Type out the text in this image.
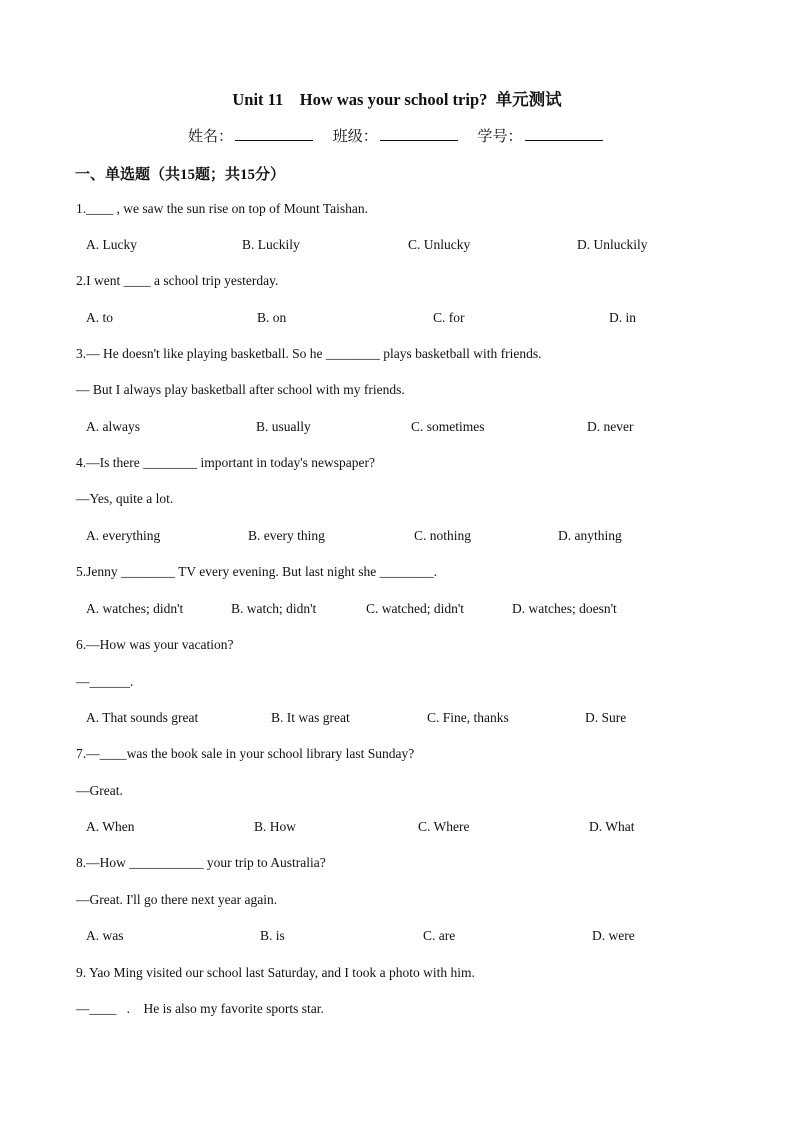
Unit 11    How was your school trip?  单元测试
姓名：	班级：	学号：
一、单选题（共15题；共15分）
1.____ , we saw the sun rise on top of Mount Taishan.
A. Lucky	B. Luckily	C. Unlucky	D. Unluckily
2.I went ____ a school trip yesterday.
A. to	B. on	C. for	D. in
3.— He doesn't like playing basketball. So he ________ plays basketball with friends.
— But I always play basketball after school with my friends.
A. always	B. usually	C. sometimes	D. never
4.—Is there ________ important in today's newspaper?
—Yes, quite a lot.
A. everything	B. every thing	C. nothing	D. anything
5.Jenny ________ TV every evening. But last night she ________.
A. watches; didn't	B. watch; didn't	C. watched; didn't	D. watches; doesn't
6.—How was your vacation?
—______.
A. That sounds great	B. It was great	C. Fine, thanks	D. Sure
7.—____was the book sale in your school library last Sunday?
—Great.
A. When	B. How	C. Where	D. What
8.—How ___________ your trip to Australia?
—Great. I'll go there next year again.
A. was	B. is	C. are	D. were
9. Yao Ming visited our school last Saturday, and I took a photo with him.
—____   .    He is also my favorite sports star.
